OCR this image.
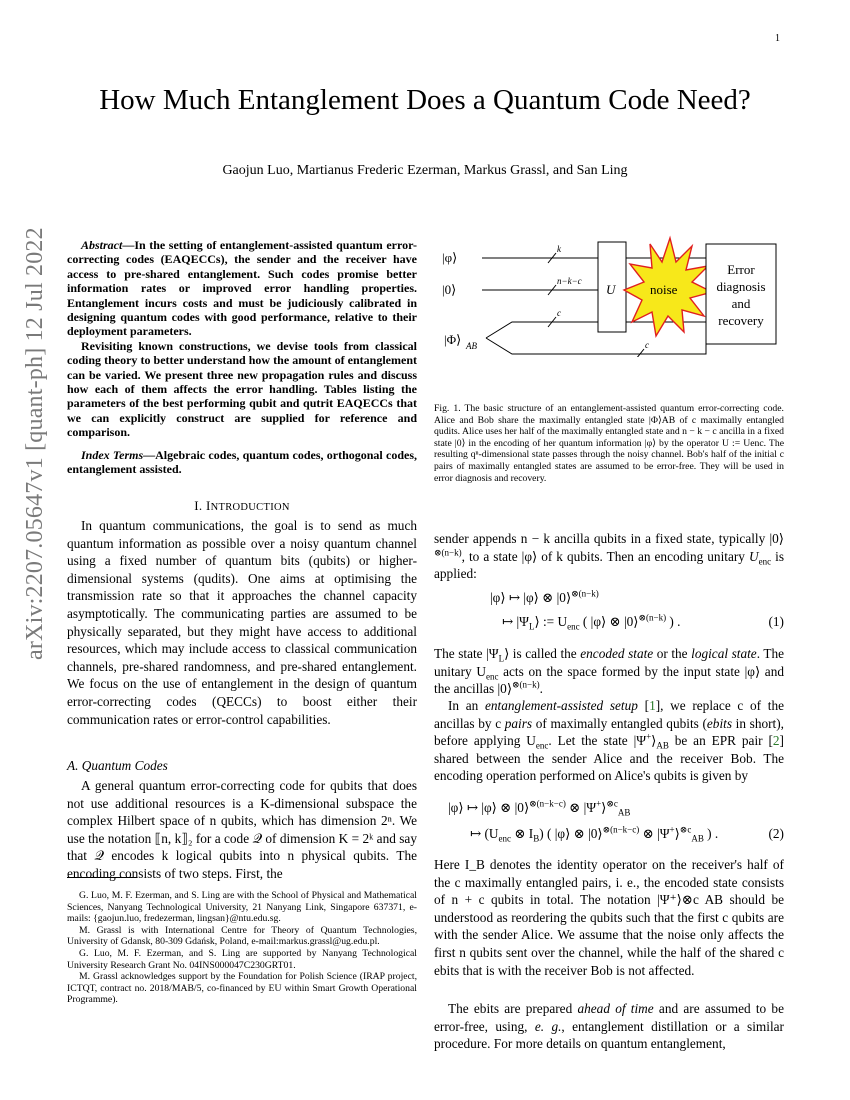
1
arXiv:2207.05647v1 [quant-ph] 12 Jul 2022
How Much Entanglement Does a Quantum Code Need?
Gaojun Luo, Martianus Frederic Ezerman, Markus Grassl, and San Ling

Abstract—In the setting of entanglement-assisted quantum error-correcting codes (EAQECCs), the sender and the receiver have access to pre-shared entanglement. Such codes promise better information rates or improved error handling properties. Entanglement incurs costs and must be judiciously calibrated in designing quantum codes with good performance, relative to their deployment parameters.

Revisiting known constructions, we devise tools from classical coding theory to better understand how the amount of entanglement can be varied. We present three new propagation rules and discuss how each of them affects the error handling. Tables listing the parameters of the best performing qubit and qutrit EAQECCs that we can explicitly construct are supplied for reference and comparison.

Index Terms—Algebraic codes, quantum codes, orthogonal codes, entanglement assisted.
I. INTRODUCTION

In quantum communications, the goal is to send as much quantum information as possible over a noisy quantum channel using a fixed number of quantum bits (qubits) or higher-dimensional systems (qudits). One aims at optimising the transmission rate so that it approaches the channel capacity asymptotically. The communicating parties are assumed to be physically separated, but they might have access to additional resources, which may include access to classical communication channels, pre-shared randomness, and pre-shared entanglement. We focus on the use of entanglement in the design of quantum error-correcting codes (QECCs) to boost either their communication rates or error-control capabilities.

A. Quantum Codes

A general quantum error-correcting code for qubits that does not use additional resources is a K-dimensional subspace the complex Hilbert space of n qubits, which has dimension 2ⁿ. We use the notation ⟦n, k⟧₂ for a code 𝒬 of dimension K = 2ᵏ and say that 𝒬 encodes k logical qubits into n physical qubits. The encoding consists of two steps. First, the

G. Luo, M. F. Ezerman, and S. Ling are with the School of Physical and Mathematical Sciences, Nanyang Technological University, 21 Nanyang Link, Singapore 637371, e-mails: {gaojun.luo, fredezerman, lingsan}@ntu.edu.sg.

M. Grassl is with International Centre for Theory of Quantum Technologies, University of Gdansk, 80-309 Gdańsk, Poland, e-mail:markus.grassl@ug.edu.pl.

G. Luo, M. F. Ezerman, and S. Ling are supported by Nanyang Technological University Research Grant No. 04INS000047C230GRT01.

M. Grassl acknowledges support by the Foundation for Polish Science (IRAP project, ICTQT, contract no. 2018/MAB/5, co-financed by EU within Smart Growth Operational Programme).

|φ⟩
|0⟩
|Φ⟩ AB
k
n−k−c
c
c
U	noise
Error
diagnosis
and
recovery
Fig. 1. The basic structure of an entanglement-assisted quantum error-correcting code. Alice and Bob share the maximally entangled state |Φ⟩AB of c maximally entangled qudits. Alice uses her half of the maximally entangled state and n − k − c ancilla in a fixed state |0⟩ in the encoding of her quantum information |φ⟩ by the operator U := Uenc. The resulting qⁿ-dimensional state passes through the noisy channel. Bob's half of the initial c pairs of maximally entangled states are assumed to be error-free. They will be used in error diagnosis and recovery.

sender appends n − k ancilla qubits in a fixed state, typically |0⟩$^{\otimes(n-k)}$, to a state |φ⟩ of k qubits. Then an encoding unitary $U_{enc}$ is applied:

|φ⟩ ↦ |φ⟩ ⊗ |0⟩$^{\otimes(n-k)}$
↦ $|\Psi_L⟩$ := $U_{enc}$ ( |φ⟩ ⊗ |0⟩$^{\otimes(n-k)}$ ) .	(1)

The state $|\Psi_L⟩$ is called the encoded state or the logical state. The unitary $U_{enc}$ acts on the space formed by the input state |φ⟩ and the ancillas |0⟩$^{\otimes(n-k)}$.

In an entanglement-assisted setup [1], we replace c of the ancillas by c pairs of maximally entangled qubits (ebits in short), before applying $U_{enc}$. Let the state $|\Psi^+⟩_{AB}$ be an EPR pair [2] shared between the sender Alice and the receiver Bob. The encoding operation performed on Alice's qubits is given by

|φ⟩ ↦ |φ⟩ ⊗ |0⟩$^{\otimes(n-k-c)}$ ⊗ |Ψ+⟩$^{\otimes c}_{AB}$
↦ ($U_{enc}$ ⊗ $I_B$) ( |φ⟩ ⊗ |0⟩$^{\otimes(n-k-c)}$ ⊗ |Ψ+⟩$^{\otimes c}_{AB}$ ) .	(2)

Here I_B denotes the identity operator on the receiver's half of the c maximally entangled pairs, i. e., the encoded state consists of n + c qubits in total. The notation |Ψ⁺⟩⊗c AB should be understood as reordering the qubits such that the first c qubits are with the sender Alice. We assume that the noise only affects the first n qubits sent over the channel, while the half of the shared c ebits that is with the receiver Bob is not affected.

The ebits are prepared ahead of time and are assumed to be error-free, using, e. g., entanglement distillation or a similar procedure. For more details on quantum entanglement,
